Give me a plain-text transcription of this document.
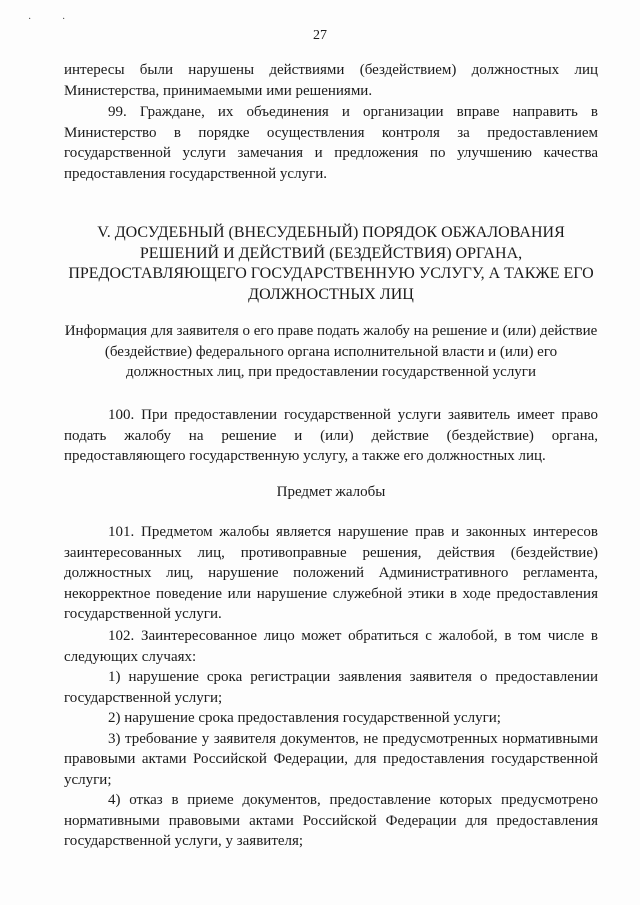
·	·
27

интересы были нарушены действиями (бездействием) должностных лиц Министерства, принимаемыми ими решениями.

99. Граждане, их объединения и организации вправе направить в Министерство в порядке осуществления контроля за предоставлением государственной услуги замечания и предложения по улучшению качества предоставления государственной услуги.

V. ДОСУДЕБНЫЙ (ВНЕСУДЕБНЫЙ) ПОРЯДОК ОБЖАЛОВАНИЯ РЕШЕНИЙ И ДЕЙСТВИЙ (БЕЗДЕЙСТВИЯ) ОРГАНА, ПРЕДОСТАВЛЯЮЩЕГО ГОСУДАРСТВЕННУЮ УСЛУГУ, А ТАКЖЕ ЕГО ДОЛЖНОСТНЫХ ЛИЦ
Информация для заявителя о его праве подать жалобу на решение и (или) действие (бездействие) федерального органа исполнительной власти и (или) его должностных лиц, при предоставлении государственной услуги

100. При предоставлении государственной услуги заявитель имеет право подать жалобу на решение и (или) действие (бездействие) органа, предоставляющего государственную услугу, а также его должностных лиц.

Предмет жалобы

101. Предметом жалобы является нарушение прав и законных интересов заинтересованных лиц, противоправные решения, действия (бездействие) должностных лиц, нарушение положений Административного регламента, некорректное поведение или нарушение служебной этики в ходе предоставления государственной услуги.

102. Заинтересованное лицо может обратиться с жалобой, в том числе в следующих случаях:

1) нарушение срока регистрации заявления заявителя о предоставлении государственной услуги;

2) нарушение срока предоставления государственной услуги;

3) требование у заявителя документов, не предусмотренных нормативными правовыми актами Российской Федерации, для предоставления государственной услуги;

4) отказ в приеме документов, предоставление которых предусмотрено нормативными правовыми актами Российской Федерации для предоставления государственной услуги, у заявителя;
